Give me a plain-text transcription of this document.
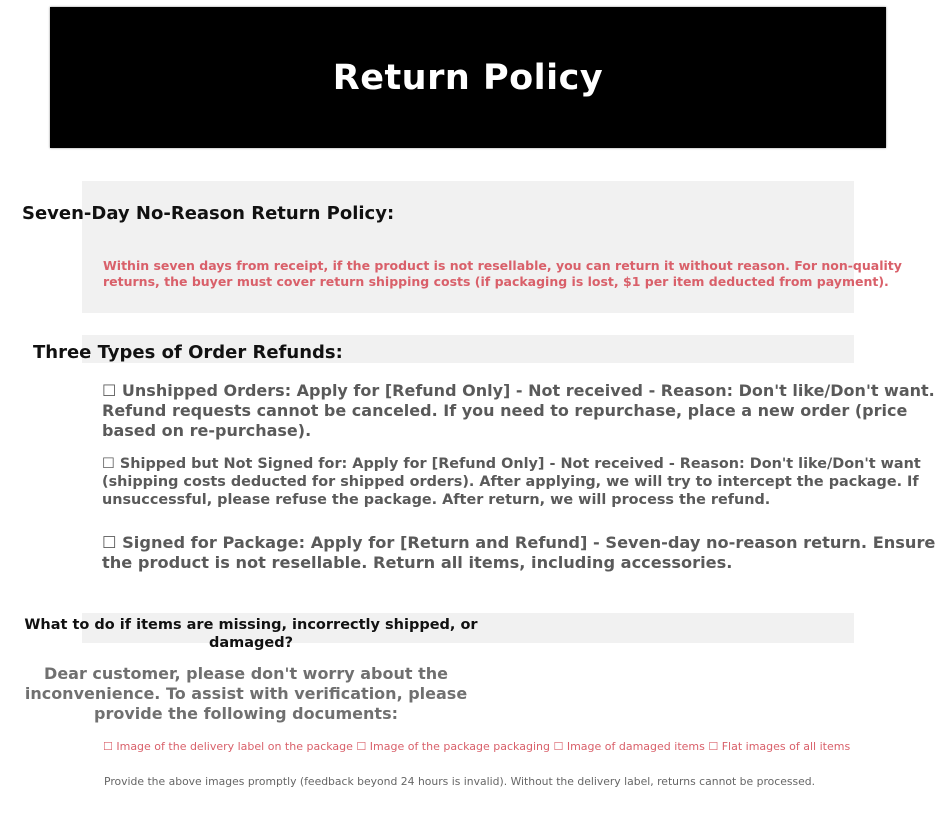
Return Policy
Seven-Day No-Reason Return Policy:
Within seven days from receipt, if the product is not resellable, you can return it without reason. For non-quality returns, the buyer must cover return shipping costs (if packaging is lost, $1 per item deducted from payment).
Three Types of Order Refunds:
☐ Unshipped Orders: Apply for [Refund Only] - Not received - Reason: Don't like/Don't want. Refund requests cannot be canceled. If you need to repurchase, place a new order (price based on re-purchase).
☐ Shipped but Not Signed for: Apply for [Refund Only] - Not received - Reason: Don't like/Don't want (shipping costs deducted for shipped orders). After applying, we will try to intercept the package. If unsuccessful, please refuse the package. After return, we will process the refund.
☐ Signed for Package: Apply for [Return and Refund] - Seven-day no-reason return. Ensure the product is not resellable. Return all items, including accessories.
What to do if items are missing, incorrectly shipped, or damaged?
Dear customer, please don't worry about the inconvenience. To assist with verification, please provide the following documents:
☐ Image of the delivery label on the package ☐ Image of the package packaging ☐ Image of damaged items ☐ Flat images of all items
Provide the above images promptly (feedback beyond 24 hours is invalid). Without the delivery label, returns cannot be processed.
